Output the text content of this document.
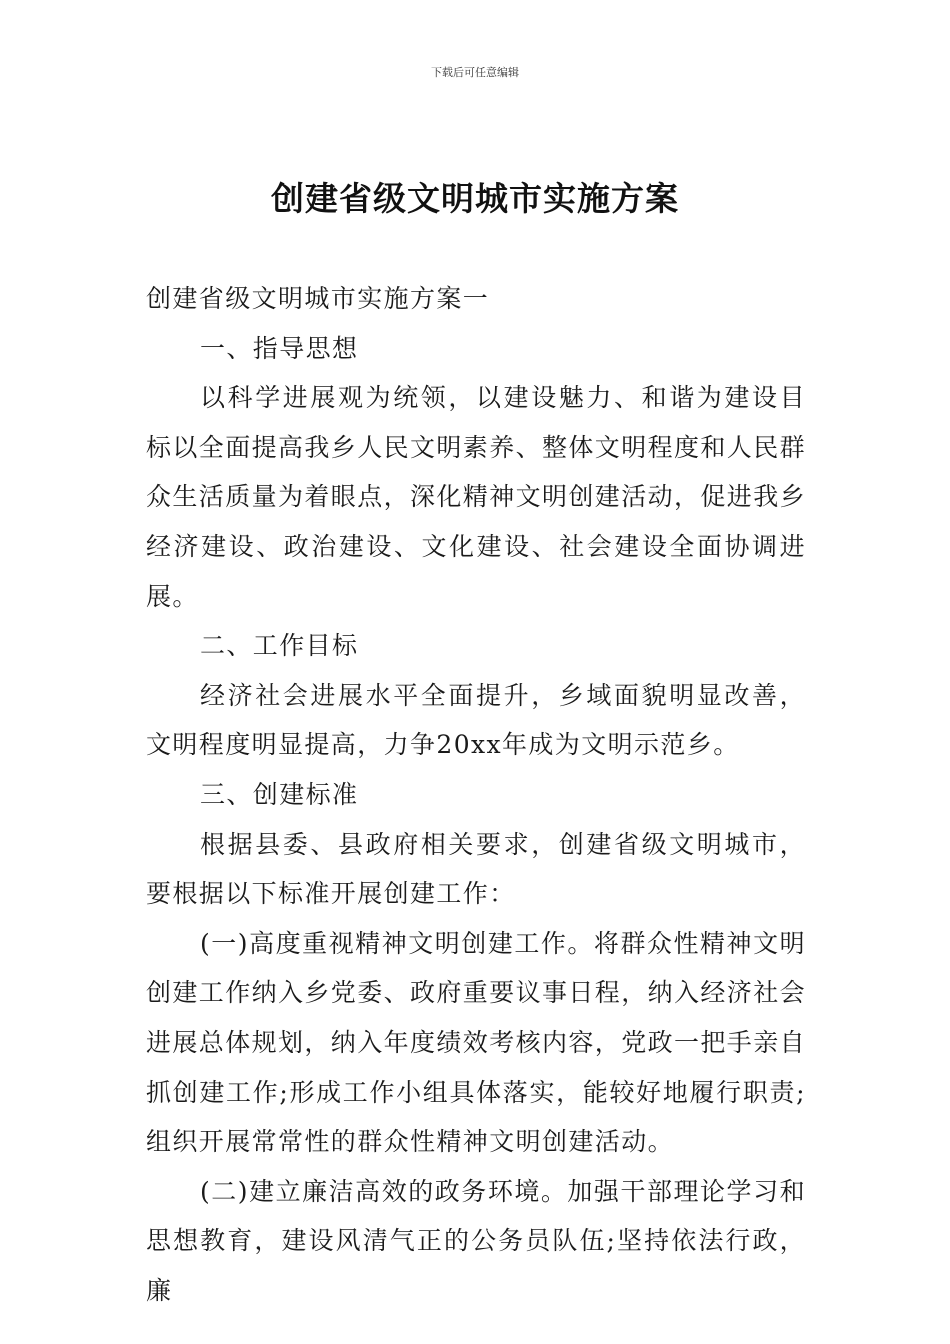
下载后可任意编辑
创建省级文明城市实施方案

创建省级文明城市实施方案一

一、指导思想

以科学进展观为统领，以建设魅力、和谐为建设目标以全面提高我乡人民文明素养、整体文明程度和人民群众生活质量为着眼点，深化精神文明创建活动，促进我乡经济建设、政治建设、文化建设、社会建设全面协调进展。

二、工作目标

经济社会进展水平全面提升，乡域面貌明显改善，文明程度明显提高，力争20xx年成为文明示范乡。

三、创建标准

根据县委、县政府相关要求，创建省级文明城市，要根据以下标准开展创建工作：

(一)高度重视精神文明创建工作。将群众性精神文明创建工作纳入乡党委、政府重要议事日程，纳入经济社会进展总体规划，纳入年度绩效考核内容，党政一把手亲自抓创建工作;形成工作小组具体落实，能较好地履行职责;组织开展常常性的群众性精神文明创建活动。

(二)建立廉洁高效的政务环境。加强干部理论学习和思想教育，建设风清气正的公务员队伍;坚持依法行政，廉
